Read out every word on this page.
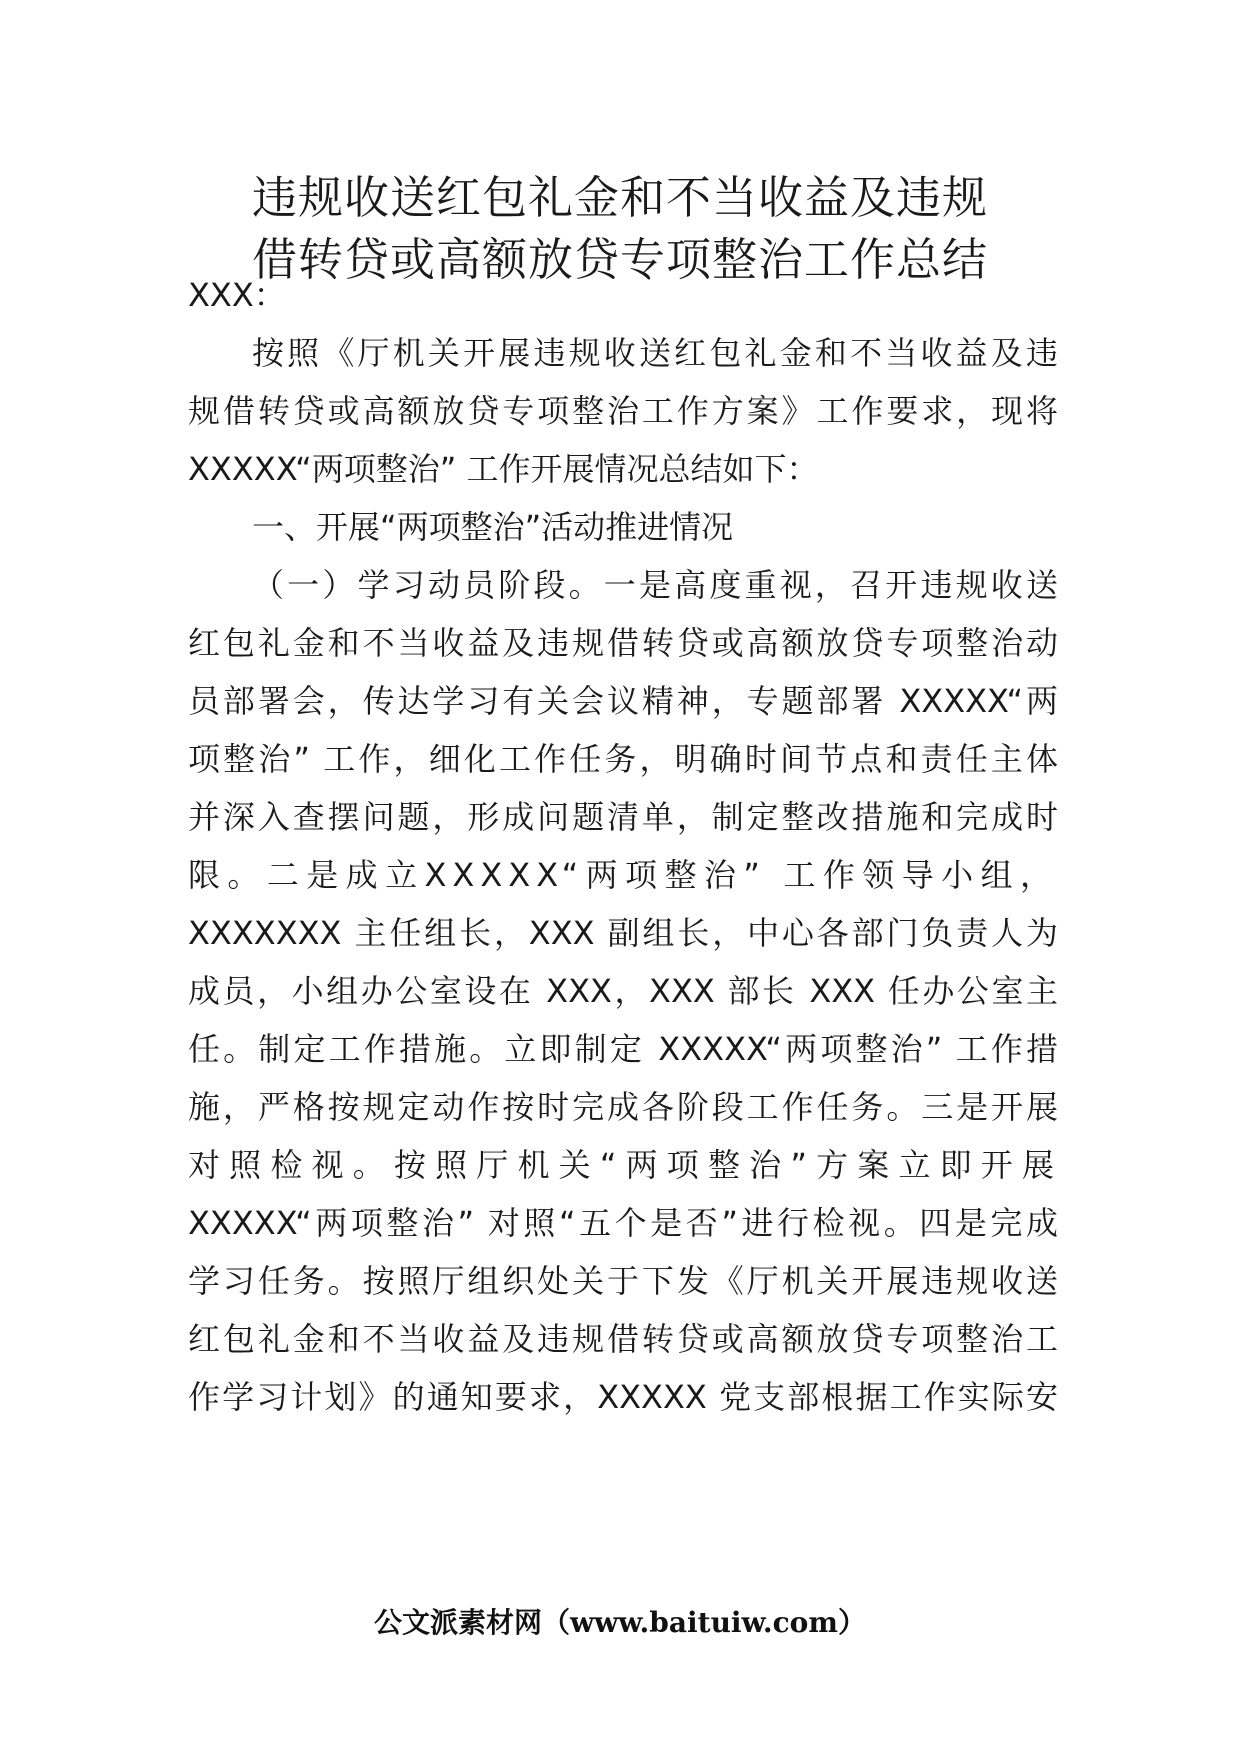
违规收送红包礼金和不当收益及违规
借转贷或高额放贷专项整治工作总结

XXX：

按照《厅机关开展违规收送红包礼金和不当收益及违

规借转贷或高额放贷专项整治工作方案》工作要求，现将

XXXXX“两项整治” 工作开展情况总结如下：

一、开展“两项整治”活动推进情况

（一）学习动员阶段。一是高度重视，召开违规收送

红包礼金和不当收益及违规借转贷或高额放贷专项整治动

员部署会，传达学习有关会议精神，专题部署 XXXXX“两

项整治” 工作，细化工作任务，明确时间节点和责任主体

并深入查摆问题，形成问题清单，制定整改措施和完成时

限。二是成立XXXXX“两项整治” 工作领导小组，

XXXXXXX 主任组长，XXX 副组长，中心各部门负责人为

成员，小组办公室设在 XXX，XXX 部长 XXX 任办公室主

任。制定工作措施。立即制定 XXXXX“两项整治” 工作措

施，严格按规定动作按时完成各阶段工作任务。三是开展

对照检视。按照厅机关“两项整治”方案立即开展

XXXXX“两项整治” 对照“五个是否”进行检视。四是完成

学习任务。按照厅组织处关于下发《厅机关开展违规收送

红包礼金和不当收益及违规借转贷或高额放贷专项整治工

作学习计划》的通知要求，XXXXX 党支部根据工作实际安

公文派素材网（www.baituiw.com）
